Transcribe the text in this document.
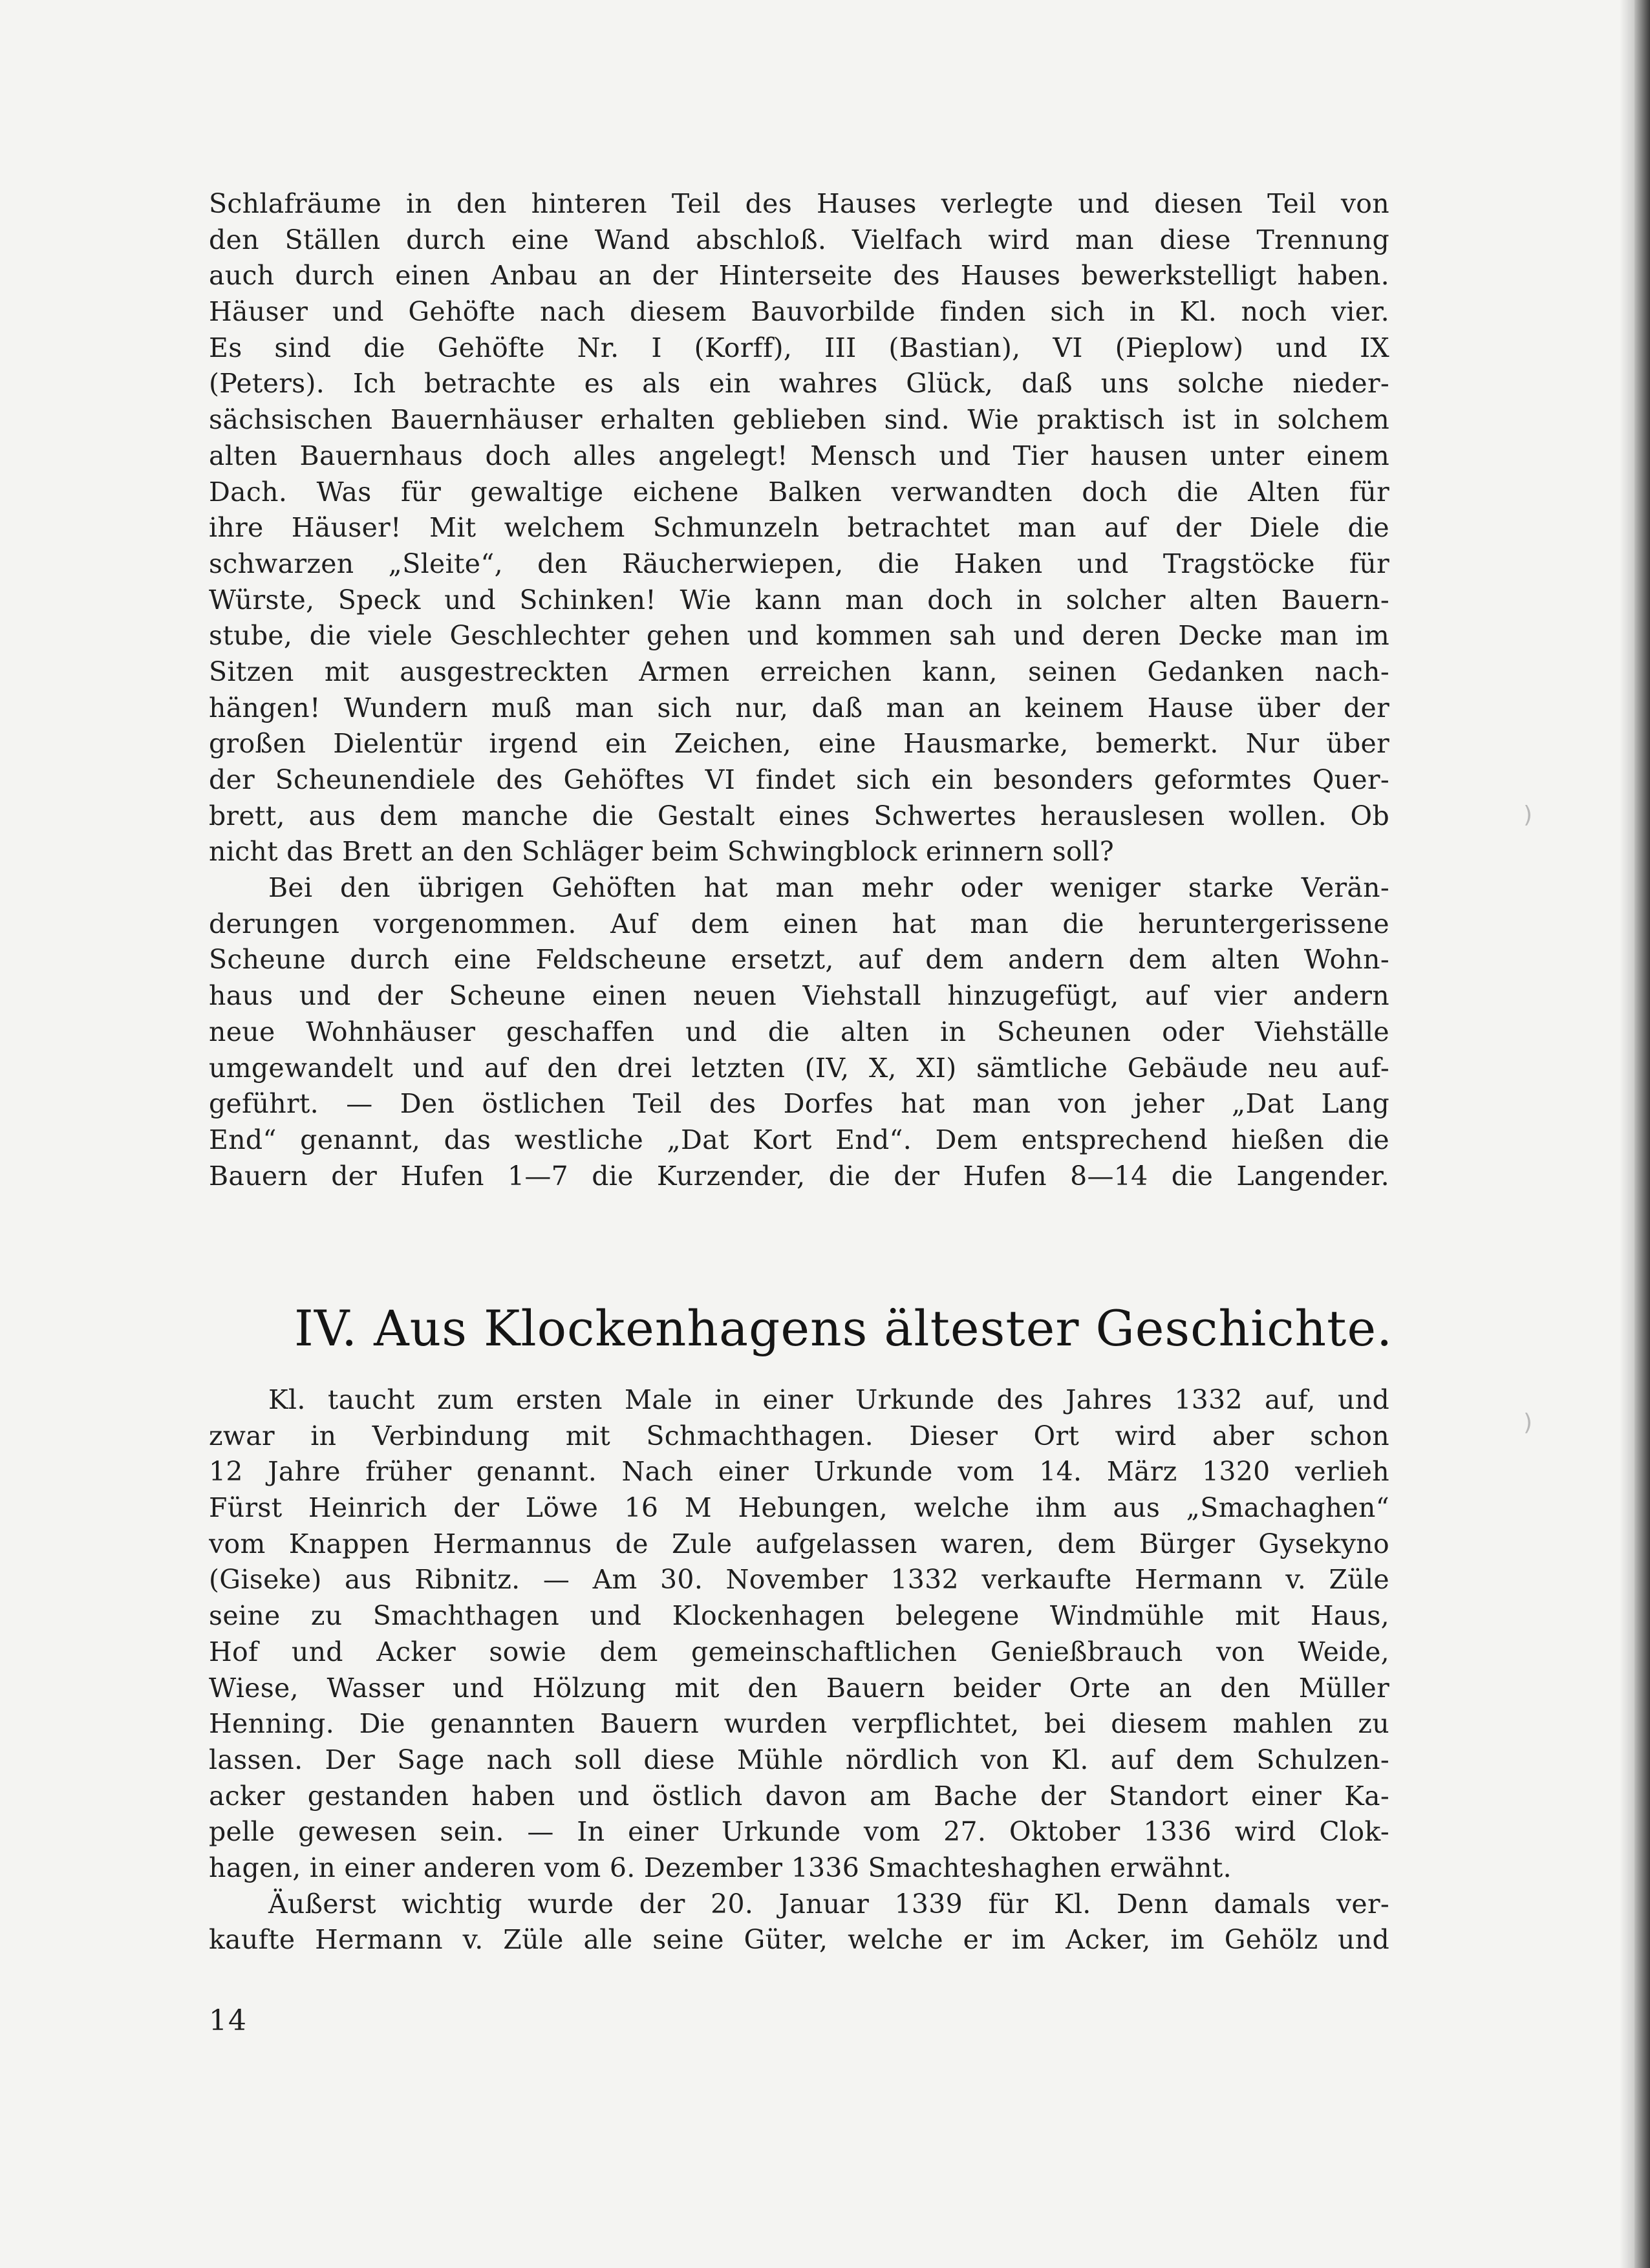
Schlafräume in den hinteren Teil des Hauses verlegte und diesen Teil von
den Ställen durch eine Wand abschloß. Vielfach wird man diese Trennung
auch durch einen Anbau an der Hinterseite des Hauses bewerkstelligt haben.
Häuser und Gehöfte nach diesem Bauvorbilde finden sich in Kl. noch vier.
Es sind die Gehöfte Nr. I (Korff), III (Bastian), VI (Pieplow) und IX
(Peters). Ich betrachte es als ein wahres Glück, daß uns solche nieder-
sächsischen Bauernhäuser erhalten geblieben sind. Wie praktisch ist in solchem
alten Bauernhaus doch alles angelegt! Mensch und Tier hausen unter einem
Dach. Was für gewaltige eichene Balken verwandten doch die Alten für
ihre Häuser! Mit welchem Schmunzeln betrachtet man auf der Diele die
schwarzen „Sleite“, den Räucherwiepen, die Haken und Tragstöcke für
Würste, Speck und Schinken! Wie kann man doch in solcher alten Bauern-
stube, die viele Geschlechter gehen und kommen sah und deren Decke man im
Sitzen mit ausgestreckten Armen erreichen kann, seinen Gedanken nach-
hängen! Wundern muß man sich nur, daß man an keinem Hause über der
großen Dielentür irgend ein Zeichen, eine Hausmarke, bemerkt. Nur über
der Scheunendiele des Gehöftes VI findet sich ein besonders geformtes Quer-
brett, aus dem manche die Gestalt eines Schwertes herauslesen wollen. Ob
nicht das Brett an den Schläger beim Schwingblock erinnern soll?
Bei den übrigen Gehöften hat man mehr oder weniger starke Verän-
derungen vorgenommen. Auf dem einen hat man die heruntergerissene
Scheune durch eine Feldscheune ersetzt, auf dem andern dem alten Wohn-
haus und der Scheune einen neuen Viehstall hinzugefügt, auf vier andern
neue Wohnhäuser geschaffen und die alten in Scheunen oder Viehställe
umgewandelt und auf den drei letzten (IV, X, XI) sämtliche Gebäude neu auf-
geführt. — Den östlichen Teil des Dorfes hat man von jeher „Dat Lang
End“ genannt, das westliche „Dat Kort End“. Dem entsprechend hießen die
Bauern der Hufen 1—7 die Kurzender, die der Hufen 8—14 die Langender.
IV. Aus Klockenhagens ältester Geschichte.
Kl. taucht zum ersten Male in einer Urkunde des Jahres 1332 auf, und
zwar in Verbindung mit Schmachthagen. Dieser Ort wird aber schon
12 Jahre früher genannt. Nach einer Urkunde vom 14. März 1320 verlieh
Fürst Heinrich der Löwe 16 M Hebungen, welche ihm aus „Smachaghen“
vom Knappen Hermannus de Zule aufgelassen waren, dem Bürger Gysekyno
(Giseke) aus Ribnitz. — Am 30. November 1332 verkaufte Hermann v. Züle
seine zu Smachthagen und Klockenhagen belegene Windmühle mit Haus,
Hof und Acker sowie dem gemeinschaftlichen Genießbrauch von Weide,
Wiese, Wasser und Hölzung mit den Bauern beider Orte an den Müller
Henning. Die genannten Bauern wurden verpflichtet, bei diesem mahlen zu
lassen. Der Sage nach soll diese Mühle nördlich von Kl. auf dem Schulzen-
acker gestanden haben und östlich davon am Bache der Standort einer Ka-
pelle gewesen sein. — In einer Urkunde vom 27. Oktober 1336 wird Clok-
hagen, in einer anderen vom 6. Dezember 1336 Smachteshaghen erwähnt.
Äußerst wichtig wurde der 20. Januar 1339 für Kl. Denn damals ver-
kaufte Hermann v. Züle alle seine Güter, welche er im Acker, im Gehölz und
14
)
)
